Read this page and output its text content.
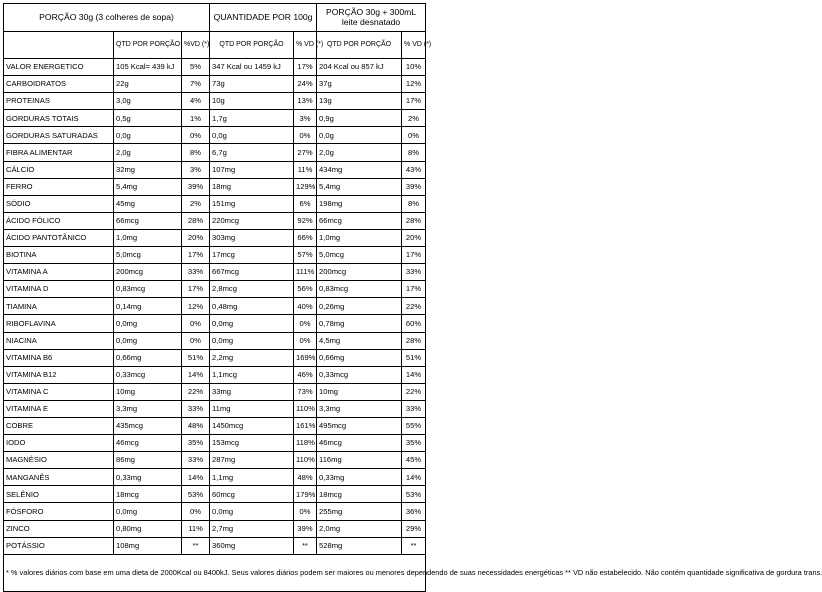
PORÇÃO 30g (3 colheres de sopa)			QUANTIDADE POR 100g		PORÇÃO 30g + 300mL leite desnatado	
	QTD POR PORÇÃO	%VD (*)	QTD POR PORÇÃO	% VD (*)	QTD POR PORÇÃO	% VD (*)
VALOR ENERGETICO	105 Kcal= 439 kJ	5%	347 Kcal ou 1459 kJ	17%	204 Kcal ou 857 kJ	10%
CARBOIDRATOS	22g	7%	73g	24%	37g	12%
PROTEINAS	3,0g	4%	10g	13%	13g	17%
GORDURAS TOTAIS	0,5g	1%	1,7g	3%	0,9g	2%
GORDURAS SATURADAS	0,0g	0%	0,0g	0%	0,0g	0%
FIBRA ALIMENTAR	2,0g	8%	6,7g	27%	2,0g	8%
CÁLCIO	32mg	3%	107mg	11%	434mg	43%
FERRO	5,4mg	39%	18mg	129%	5,4mg	39%
SÓDIO	45mg	2%	151mg	6%	198mg	8%
ÁCIDO FÓLICO	66mcg	28%	220mcg	92%	66mcg	28%
ÁCIDO PANTOTÂNICO	1,0mg	20%	303mg	66%	1,0mg	20%
BIOTINA	5,0mcg	17%	17mcg	57%	5,0mcg	17%
VITAMINA A	200mcg	33%	667mcg	111%	200mcg	33%
VITAMINA D	0,83mcg	17%	2,8mcg	56%	0,83mcg	17%
TIAMINA	0,14mg	12%	0,48mg	40%	0,26mg	22%
RIBOFLAVINA	0,0mg	0%	0,0mg	0%	0,78mg	60%
NIACINA	0,0mg	0%	0,0mg	0%	4,5mg	28%
VITAMINA B6	0,66mg	51%	2,2mg	169%	0,66mg	51%
VITAMINA B12	0,33mcg	14%	1,1mcg	46%	0,33mcg	14%
VITAMINA C	10mg	22%	33mg	73%	10mg	22%
VITAMINA E	3,3mg	33%	11mg	110%	3,3mg	33%
COBRE	435mcg	48%	1450mcg	161%	495mcg	55%
IODO	46mcg	35%	153mcg	118%	46mcg	35%
MAGNÉSIO	86mg	33%	287mg	110%	116mg	45%
MANGANÊS	0,33mg	14%	1,1mg	48%	0,33mg	14%
SELÊNIO	18mcg	53%	60mcg	179%	18mcg	53%
FÓSFORO	0,0mg	0%	0,0mg	0%	255mg	36%
ZINCO	0,80mg	11%	2,7mg	39%	2,0mg	29%
POTÁSSIO	108mg	**	360mg	**	528mg	**
* % valores diários com base em uma dieta de 2000Kcal ou 8400kJ. Seus valores diários podem ser maiores ou menores dependendo de suas necessidades energéticas ** VD não estabelecido. Não contém quantidade significativa de gordura trans.						
